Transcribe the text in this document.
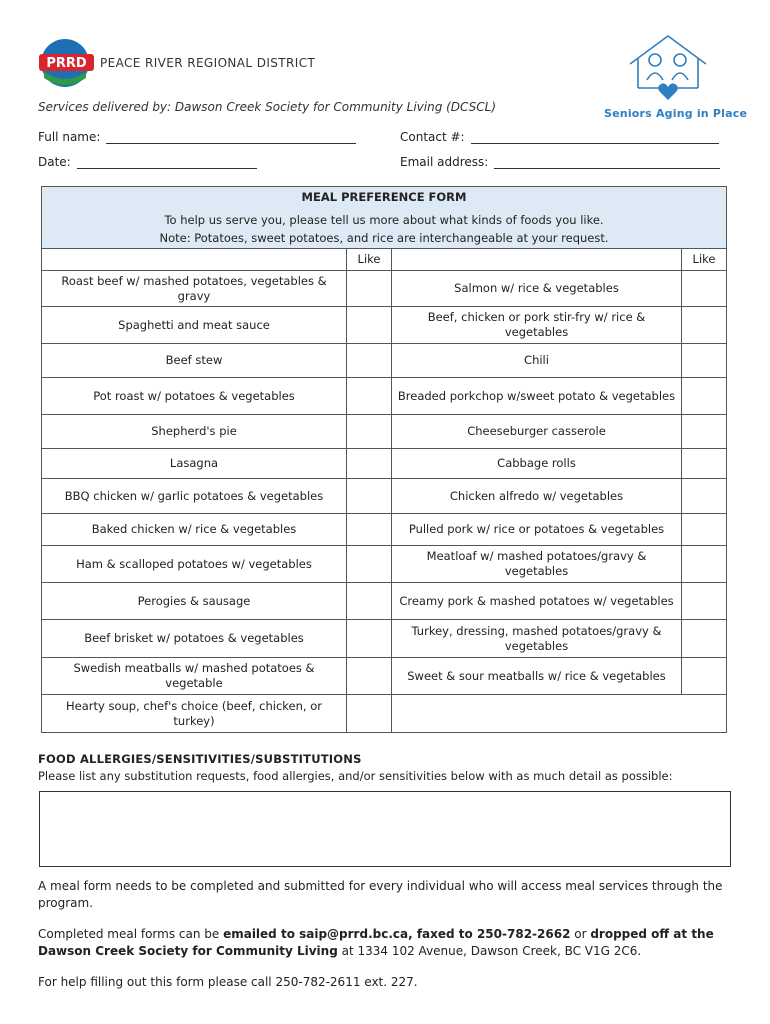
PRRD PEACE RIVER REGIONAL DISTRICT
Seniors Aging in Place
Services delivered by: Dawson Creek Society for Community Living (DCSCL)
Full name:	Contact #:
Date:	Email address:
MEAL PREFERENCE FORM
To help us serve you, please tell us more about what kinds of foods you like.
Note: Potatoes, sweet potatoes, and rice are interchangeable at your request.			

	Like		Like
Roast beef w/ mashed potatoes, vegetables & gravy		Salmon w/ rice & vegetables	
Spaghetti and meat sauce		Beef, chicken or pork stir-fry w/ rice & vegetables	
Beef stew		Chili	
Pot roast w/ potatoes & vegetables		Breaded porkchop w/sweet potato & vegetables	
Shepherd's pie		Cheeseburger casserole	
Lasagna		Cabbage rolls	
BBQ chicken w/ garlic potatoes & vegetables		Chicken alfredo w/ vegetables	
Baked chicken w/ rice & vegetables		Pulled pork w/ rice or potatoes & vegetables	
Ham & scalloped potatoes w/ vegetables		Meatloaf w/ mashed potatoes/gravy & vegetables	
Perogies & sausage		Creamy pork & mashed potatoes w/ vegetables	
Beef brisket w/ potatoes & vegetables		Turkey, dressing, mashed potatoes/gravy & vegetables	
Swedish meatballs w/ mashed potatoes & vegetable		Sweet & sour meatballs w/ rice & vegetables	
Hearty soup, chef's choice (beef, chicken, or turkey)			
FOOD ALLERGIES/SENSITIVITIES/SUBSTITUTIONS
Please list any substitution requests, food allergies, and/or sensitivities below with as much detail as possible:
A meal form needs to be completed and submitted for every individual who will access meal services through the program.
Completed meal forms can be emailed to saip@prrd.bc.ca, faxed to 250-782-2662 or dropped off at the Dawson Creek Society for Community Living at 1334 102 Avenue, Dawson Creek, BC V1G 2C6.
For help filling out this form please call 250-782-2611 ext. 227.
